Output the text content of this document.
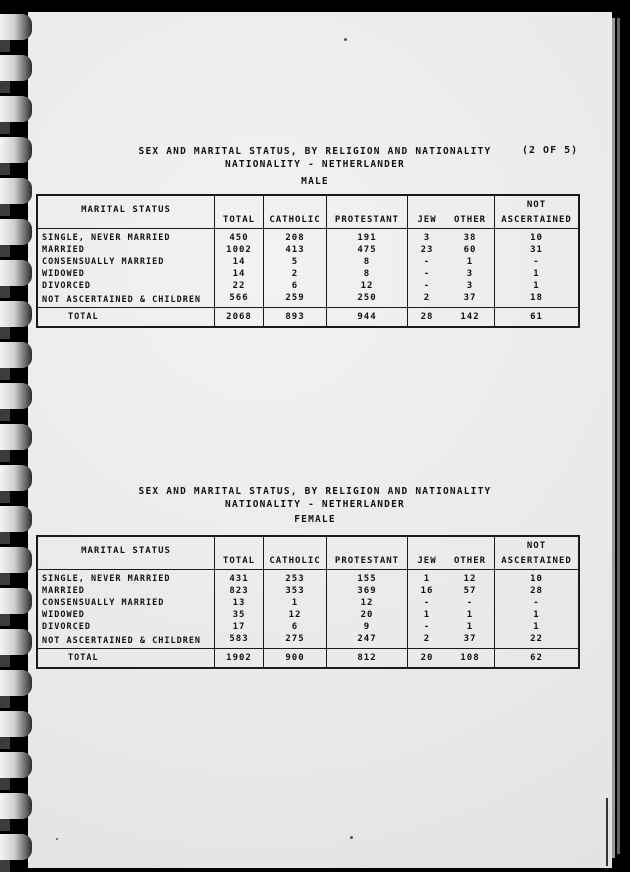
SEX AND MARITAL STATUS, BY RELIGION AND NATIONALITY
NATIONALITY - NETHERLANDER
MALE
(2 OF 5)
MARITAL STATUS	TOTAL	CATHOLIC	PROTESTANT	JEW	OTHER	NOT
ASCERTAINED

SINGLE, NEVER MARRIED	450	208	191	3	38	10
MARRIED	1002	413	475	23	60	31
CONSENSUALLY MARRIED	14	5	8	-	1	-
WIDOWED	14	2	8	-	3	1
DIVORCED	22	6	12	-	3	1
NOT ASCERTAINED & CHILDREN	566	259	250	2	37	18
TOTAL	2068	893	944	28	142	61
SEX AND MARITAL STATUS, BY RELIGION AND NATIONALITY
NATIONALITY - NETHERLANDER
FEMALE
MARITAL STATUS	TOTAL	CATHOLIC	PROTESTANT	JEW	OTHER	NOT
ASCERTAINED

SINGLE, NEVER MARRIED	431	253	155	1	12	10
MARRIED	823	353	369	16	57	28
CONSENSUALLY MARRIED	13	1	12	-	-	-
WIDOWED	35	12	20	1	1	1
DIVORCED	17	6	9	-	1	1
NOT ASCERTAINED & CHILDREN	583	275	247	2	37	22
TOTAL	1902	900	812	20	108	62
